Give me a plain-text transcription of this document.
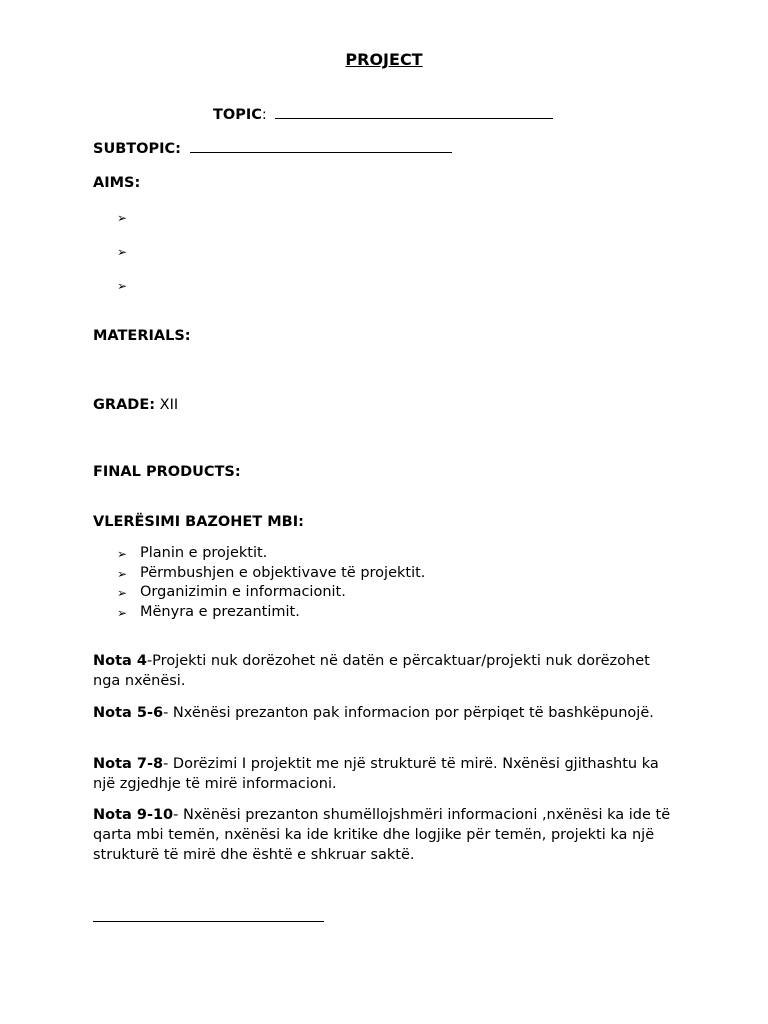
PROJECT
TOPIC:
SUBTOPIC:
AIMS:
➢
➢
➢
MATERIALS:
GRADE: XII
FINAL PRODUCTS:
VLERËSIMI BAZOHET MBI:
➢ Planin e projektit.
➢ Përmbushjen e objektivave të projektit.
➢ Organizimin e informacionit.
➢ Mënyra e prezantimit.
Nota 4-Projekti nuk dorëzohet në datën e përcaktuar/projekti nuk dorëzohet nga nxënësi.
Nota 5-6- Nxënësi prezanton pak informacion por përpiqet të bashkëpunojë.
Nota 7-8- Dorëzimi I projektit me një strukturë të mirë. Nxënësi gjithashtu ka një zgjedhje të mirë informacioni.
Nota 9-10- Nxënësi prezanton shumëllojshmëri informacioni ,nxënësi ka ide të qarta mbi temën, nxënësi ka ide kritike dhe logjike për temën, projekti ka një strukturë të mirë dhe është e shkruar saktë.
